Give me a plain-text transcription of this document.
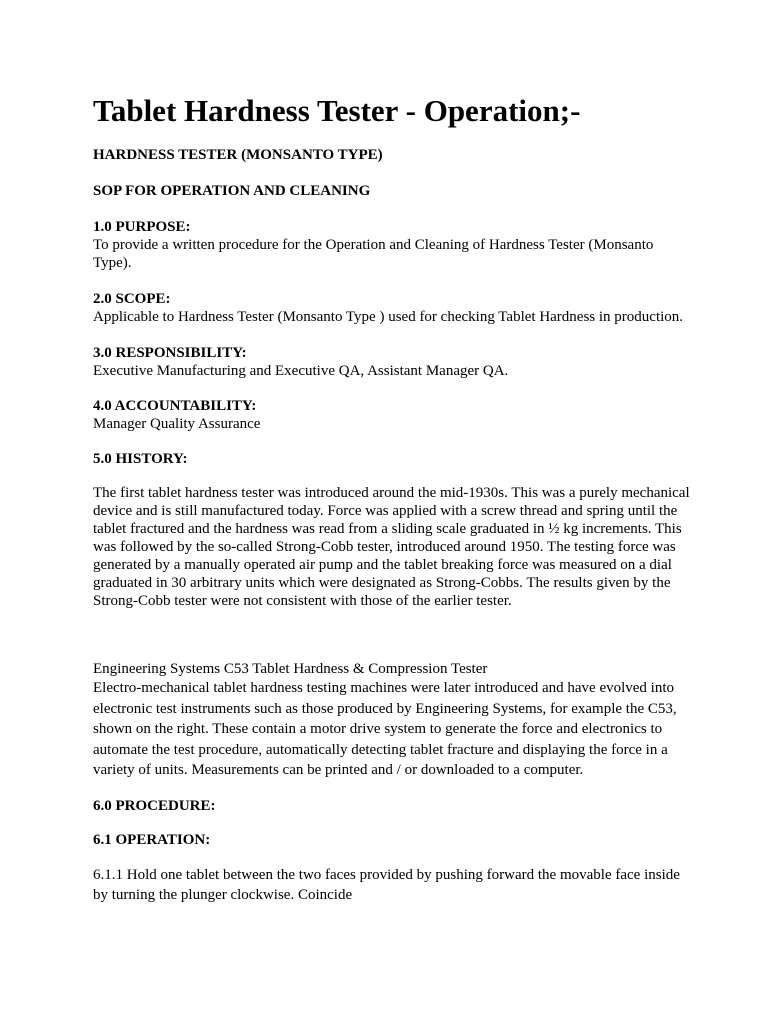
Tablet Hardness Tester - Operation;-
HARDNESS TESTER (MONSANTO TYPE)
SOP FOR OPERATION AND CLEANING
1.0 PURPOSE:
To provide a written procedure for the Operation and Cleaning of Hardness Tester (Monsanto Type).
2.0 SCOPE:
Applicable to Hardness Tester (Monsanto Type ) used for checking Tablet Hardness in production.
3.0 RESPONSIBILITY:
Executive Manufacturing and Executive QA, Assistant Manager QA.
4.0 ACCOUNTABILITY:
Manager Quality Assurance
5.0 HISTORY:
The first tablet hardness tester was introduced around the mid-1930s. This was a purely mechanical device and is still manufactured today. Force was applied with a screw thread and spring until the tablet fractured and the hardness was read from a sliding scale graduated in ½ kg increments. This was followed by the so-called Strong-Cobb tester, introduced around 1950. The testing force was generated by a manually operated air pump and the tablet breaking force was measured on a dial graduated in 30 arbitrary units which were designated as Strong-Cobbs. The results given by the Strong-Cobb tester were not consistent with those of the earlier tester.
Engineering Systems C53 Tablet Hardness & Compression Tester
Electro-mechanical tablet hardness testing machines were later introduced and have evolved into electronic test instruments such as those produced by Engineering Systems, for example the C53, shown on the right. These contain a motor drive system to generate the force and electronics to automate the test procedure, automatically detecting tablet fracture and displaying the force in a variety of units. Measurements can be printed and / or downloaded to a computer.
6.0 PROCEDURE:
6.1 OPERATION:
6.1.1 Hold one tablet between the two faces provided by pushing forward the movable face inside by turning the plunger clockwise. Coincide
